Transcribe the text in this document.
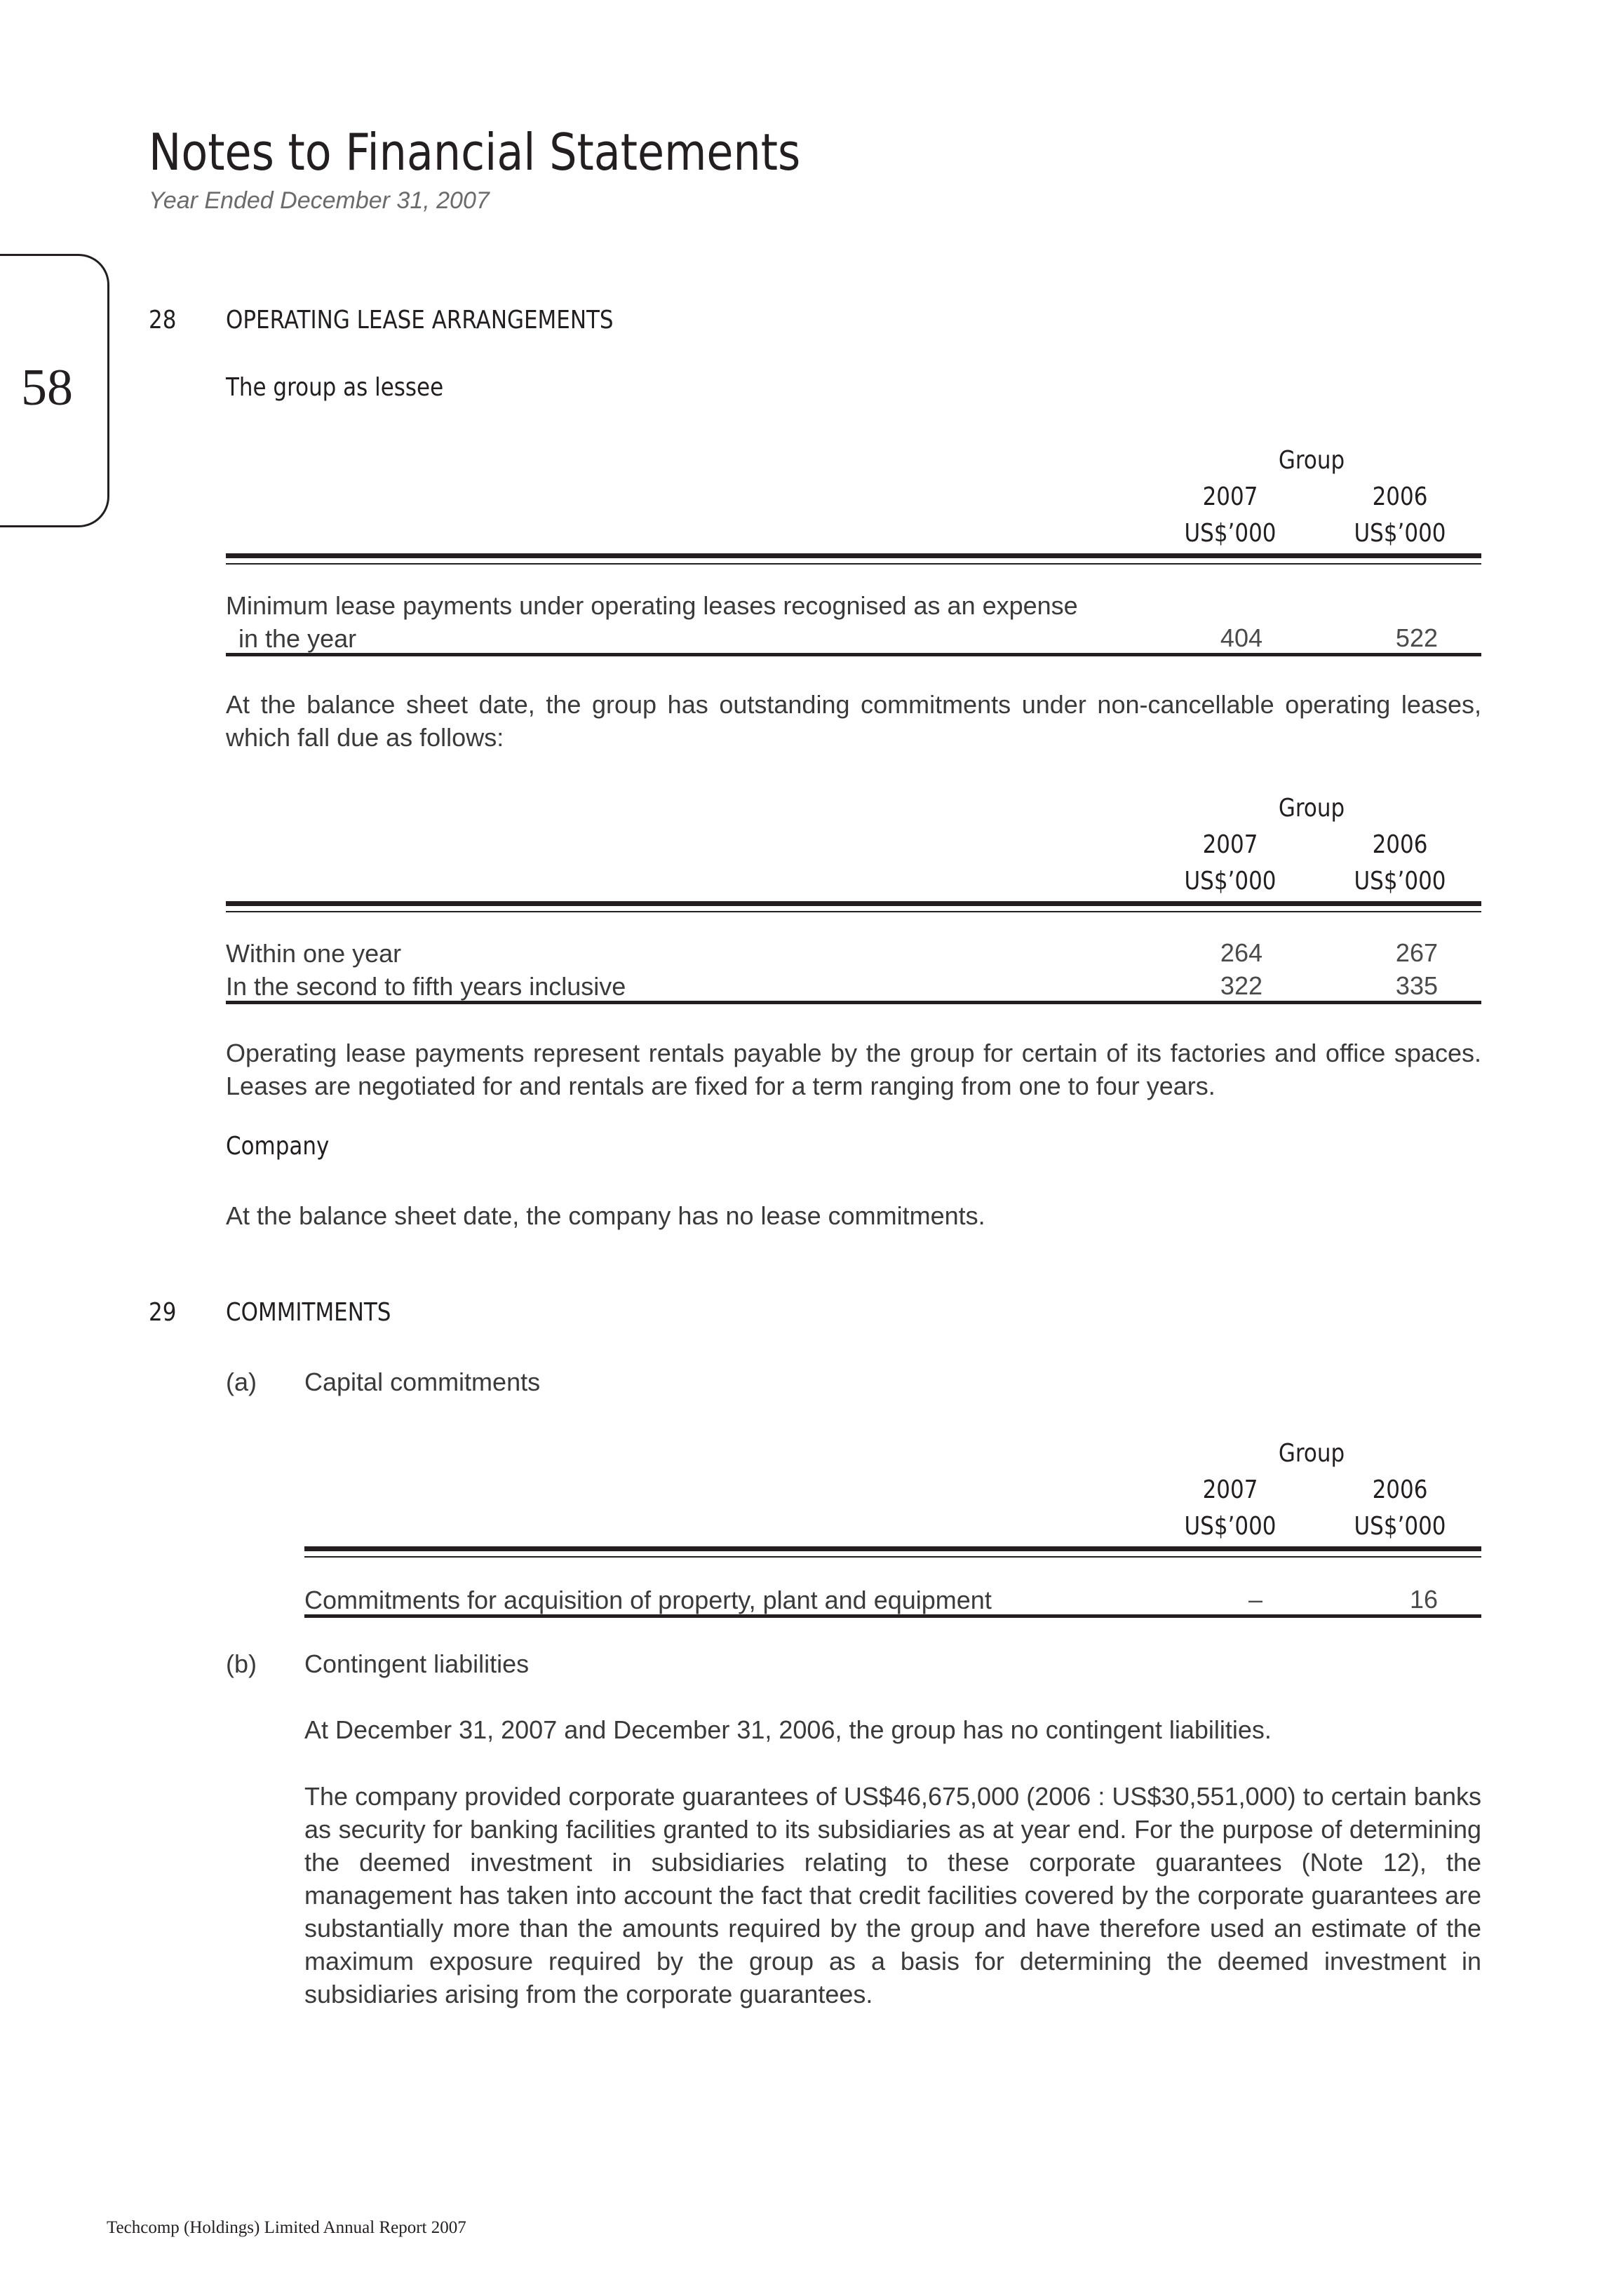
Notes to Financial Statements
Year Ended December 31, 2007
58
28 OPERATING LEASE ARRANGEMENTS
The group as lessee
Group
2007	2006
US$’000	US$’000
Minimum lease payments under operating leases recognised as an expense
in the year	404	522
At the balance sheet date, the group has outstanding commitments under non-cancellable operating leases, which fall due as follows:
Group
2007	2006
US$’000	US$’000
Within one year	264	267
In the second to fifth years inclusive	322	335
Operating lease payments represent rentals payable by the group for certain of its factories and office spaces. Leases are negotiated for and rentals are fixed for a term ranging from one to four years.
Company
At the balance sheet date, the company has no lease commitments.
29 COMMITMENTS
(a) Capital commitments
Group
2007	2006
US$’000	US$’000
Commitments for acquisition of property, plant and equipment	–	16
(b) Contingent liabilities
At December 31, 2007 and December 31, 2006, the group has no contingent liabilities.
The company provided corporate guarantees of US$46,675,000 (2006 : US$30,551,000) to certain banks as security for banking facilities granted to its subsidiaries as at year end. For the purpose of determining the deemed investment in subsidiaries relating to these corporate guarantees (Note 12), the management has taken into account the fact that credit facilities covered by the corporate guarantees are substantially more than the amounts required by the group and have therefore used an estimate of the maximum exposure required by the group as a basis for determining the deemed investment in subsidiaries arising from the corporate guarantees.
Techcomp (Holdings) Limited Annual Report 2007
